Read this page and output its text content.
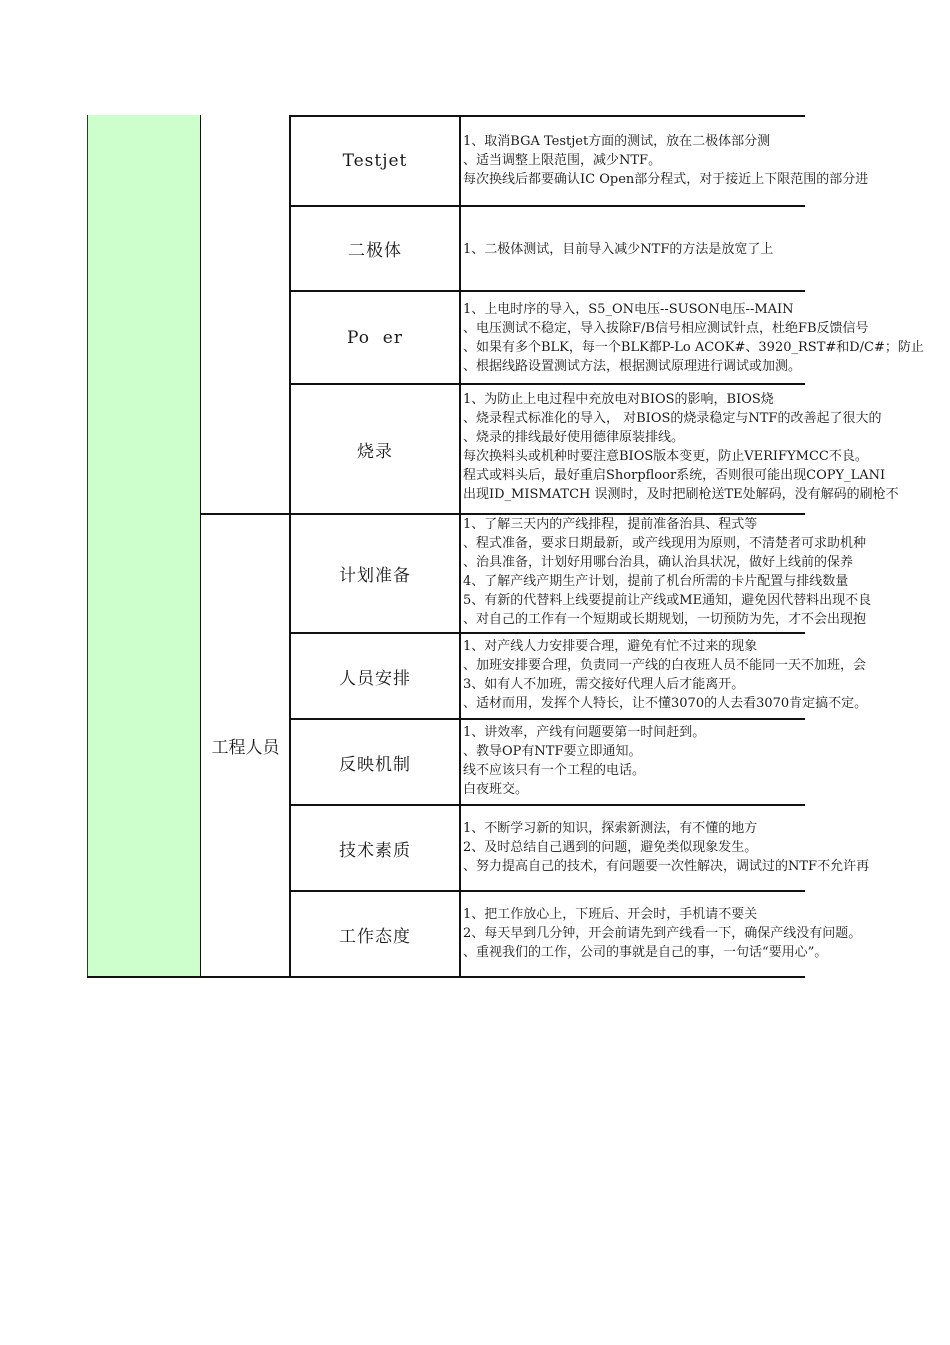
工程人员
Testjet
二极体
Po  er
烧录
计划准备
人员安排
反映机制
技术素质
工作态度
1、取消BGA Testjet方面的测试，放在二极体部分测
、适当调整上限范围，减少NTF。
每次换线后都要确认IC Open部分程式，对于接近上下限范围的部分进
1、二极体测试，目前导入减少NTF的方法是放宽了上
1、上电时序的导入，S5_ON电压--SUSON电压--MAIN
、电压测试不稳定，导入拔除F/B信号相应测试针点，杜绝FB反馈信号
、如果有多个BLK，每一个BLK都P-Lo ACOK#、3920_RST#和D/C#；防止
、根据线路设置测试方法，根据测试原理进行调试或加测。
1、为防止上电过程中充放电对BIOS的影响，BIOS烧
、烧录程式标准化的导入， 对BIOS的烧录稳定与NTF的改善起了很大的
、烧录的排线最好使用德律原装排线。
每次换料头或机种时要注意BIOS版本变更，防止VERIFYMCC不良。
程式或料头后，最好重启Shorpfloor系统，否则很可能出现COPY_LANI
出现ID_MISMATCH 误测时，及时把刷枪送TE处解码，没有解码的刷枪不
1、了解三天内的产线排程，提前准备治具、程式等
、程式准备，要求日期最新，或产线现用为原则，不清楚者可求助机种
、治具准备，计划好用哪台治具，确认治具状况，做好上线前的保养
4、了解产线产期生产计划，提前了机台所需的卡片配置与排线数量
5、有新的代替料上线要提前让产线或ME通知，避免因代替料出现不良
、对自己的工作有一个短期或长期规划，一切预防为先，才不会出现抱
1、对产线人力安排要合理，避免有忙不过来的现象
、加班安排要合理，负责同一产线的白夜班人员不能同一天不加班，会
3、如有人不加班，需交接好代理人后才能离开。
、适材而用，发挥个人特长，让不懂3070的人去看3070肯定搞不定。
1、讲效率，产线有问题要第一时间赶到。
、教导OP有NTF要立即通知。
线不应该只有一个工程的电话。
白夜班交。
1、不断学习新的知识，探索新测法，有不懂的地方
2、及时总结自己遇到的问题，避免类似现象发生。
、努力提高自己的技术，有问题要一次性解决，调试过的NTF不允许再
1、把工作放心上，下班后、开会时，手机请不要关
2、每天早到几分钟，开会前请先到产线看一下，确保产线没有问题。
、重视我们的工作，公司的事就是自己的事，一句话“要用心”。
